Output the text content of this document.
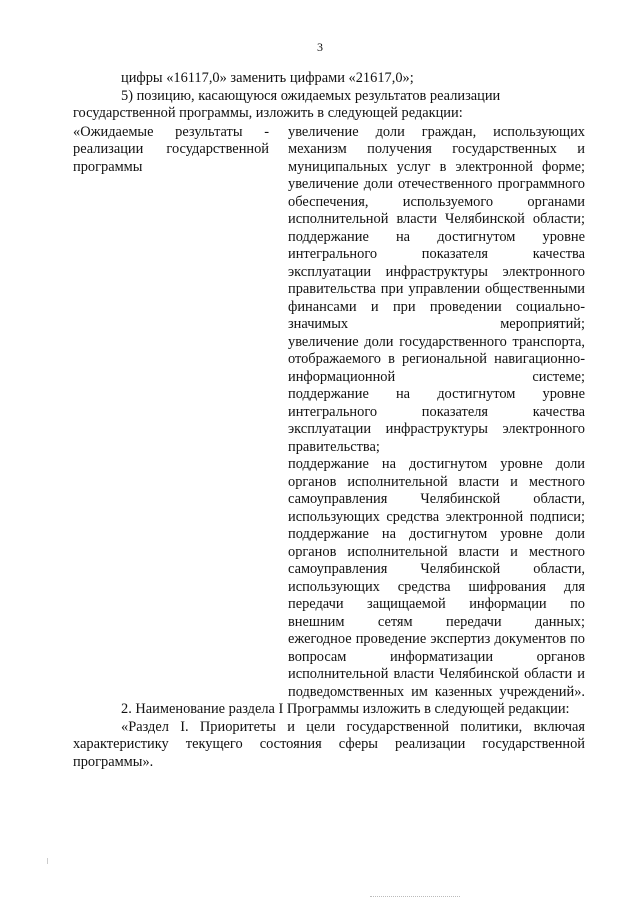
3
цифры «16117,0» заменить цифрами «21617,0»;
5) позицию, касающуюся ожидаемых результатов реализации
государственной программы, изложить в следующей редакции:
«Ожидаемые результаты - реализации государственной программы

увеличение доли граждан, использующих механизм получения государственных и муниципальных услуг в электронной форме;

увеличение доли отечественного программного обеспечения, используемого органами исполнительной власти Челябинской области;

поддержание на достигнутом уровне интегрального показателя качества эксплуатации инфраструктуры электронного правительства при управлении общественными финансами и при проведении социально-значимых мероприятий;

увеличение доли государственного транспорта, отображаемого в региональной навигационно-информационной системе;

поддержание на достигнутом уровне интегрального показателя качества эксплуатации инфраструктуры электронного правительства;

поддержание на достигнутом уровне доли органов исполнительной власти и местного самоуправления Челябинской области, использующих средства электронной подписи;

поддержание на достигнутом уровне доли органов исполнительной власти и местного самоуправления Челябинской области, использующих средства шифрования для передачи защищаемой информации по внешним сетям передачи данных;

ежегодное проведение экспертиз документов по вопросам информатизации органов исполнительной власти Челябинской области и подведомственных им казенных учреждений».

2. Наименование раздела I Программы изложить в следующей редакции:

«Раздел I. Приоритеты и цели государственной политики, включая характеристику текущего состояния сферы реализации государственной программы».
